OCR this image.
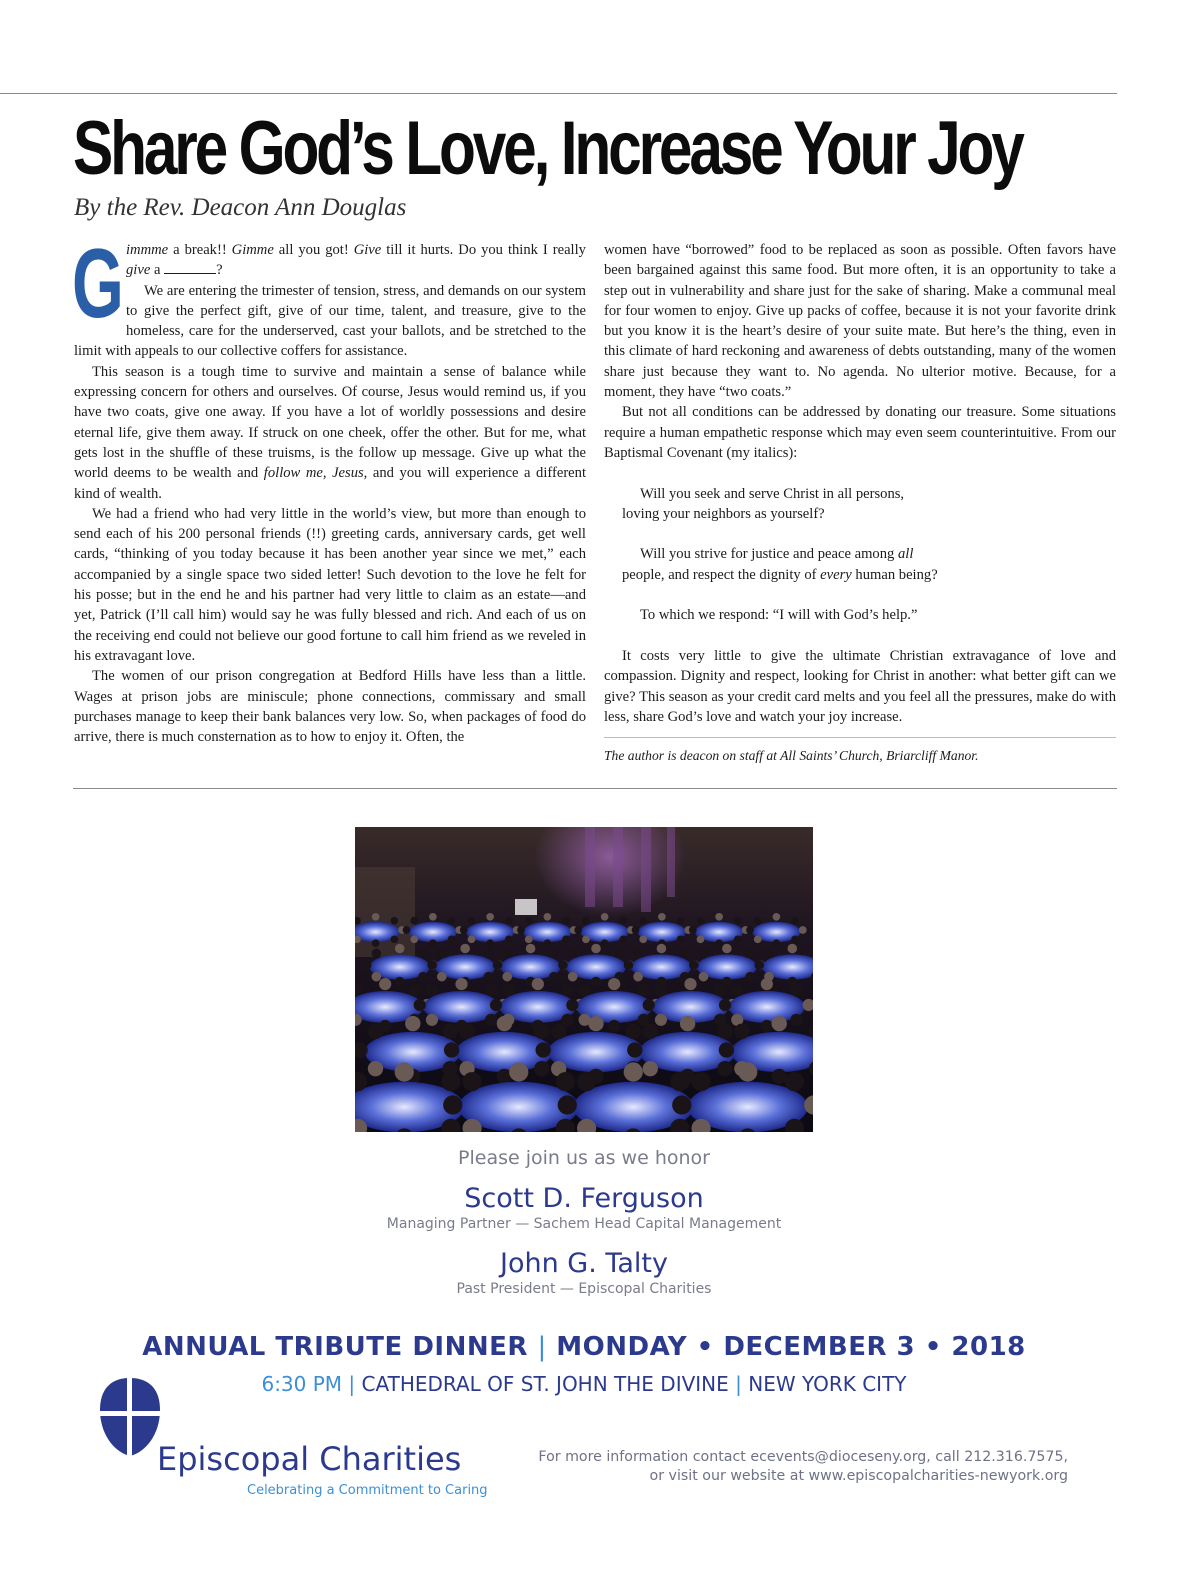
Share God’s Love, Increase Your Joy
By the Rev. Deacon Ann Douglas

Gimmme a break!! Gimme all you got! Give till it hurts. Do you think I really give a	?

We are entering the trimester of tension, stress, and demands on our system to give the perfect gift, give of our time, talent, and treasure, give to the homeless, care for the underserved, cast your ballots, and be stretched to the limit with appeals to our collective coffers for assistance.

This season is a tough time to survive and maintain a sense of balance while expressing concern for others and ourselves. Of course, Jesus would remind us, if you have two coats, give one away. If you have a lot of worldly possessions and desire eternal life, give them away. If struck on one cheek, offer the other. But for me, what gets lost in the shuffle of these truisms, is the follow up message. Give up what the world deems to be wealth and follow me, Jesus, and you will experience a different kind of wealth.

We had a friend who had very little in the world’s view, but more than enough to send each of his 200 personal friends (!!) greeting cards, anniversary cards, get well cards, “thinking of you today because it has been another year since we met,” each accompanied by a single space two sided letter! Such devotion to the love he felt for his posse; but in the end he and his partner had very little to claim as an estate—and yet, Patrick (I’ll call him) would say he was fully blessed and rich. And each of us on the receiving end could not believe our good fortune to call him friend as we reveled in his extravagant love.

The women of our prison congregation at Bedford Hills have less than a little. Wages at prison jobs are miniscule; phone connections, commissary and small purchases manage to keep their bank balances very low. So, when packages of food do arrive, there is much consternation as to how to enjoy it. Often, the

women have “borrowed” food to be replaced as soon as possible. Often favors have been bargained against this same food. But more often, it is an opportunity to take a step out in vulnerability and share just for the sake of sharing. Make a communal meal for four women to enjoy. Give up packs of coffee, because it is not your favorite drink but you know it is the heart’s desire of your suite mate. But here’s the thing, even in this climate of hard reckoning and awareness of debts outstanding, many of the women share just because they want to. No agenda. No ulterior motive. Because, for a moment, they have “two coats.”

But not all conditions can be addressed by donating our treasure. Some situations require a human empathetic response which may even seem counterintuitive. From our Baptismal Covenant (my italics):

Will you seek and serve Christ in all persons,
loving your neighbors as yourself?

Will you strive for justice and peace among all
people, and respect the dignity of every human being?

To which we respond: “I will with God’s help.”

It costs very little to give the ultimate Christian extravagance of love and compassion. Dignity and respect, looking for Christ in another: what better gift can we give? This season as your credit card melts and you feel all the pressures, make do with less, share God’s love and watch your joy increase.

The author is deacon on staff at All Saints’ Church, Briarcliff Manor.

Please join us as we honor
Scott D. Ferguson
Managing Partner — Sachem Head Capital Management
John G. Talty
Past President — Episcopal Charities
ANNUAL TRIBUTE DINNER | MONDAY • DECEMBER 3 • 2018
6:30 PM | CATHEDRAL OF ST. JOHN THE DIVINE | NEW YORK CITY
Episcopal Charities
Celebrating a Commitment to Caring
For more information contact ecevents@dioceseny.org, call 212.316.7575,
or visit our website at www.episcopalcharities-newyork.org
